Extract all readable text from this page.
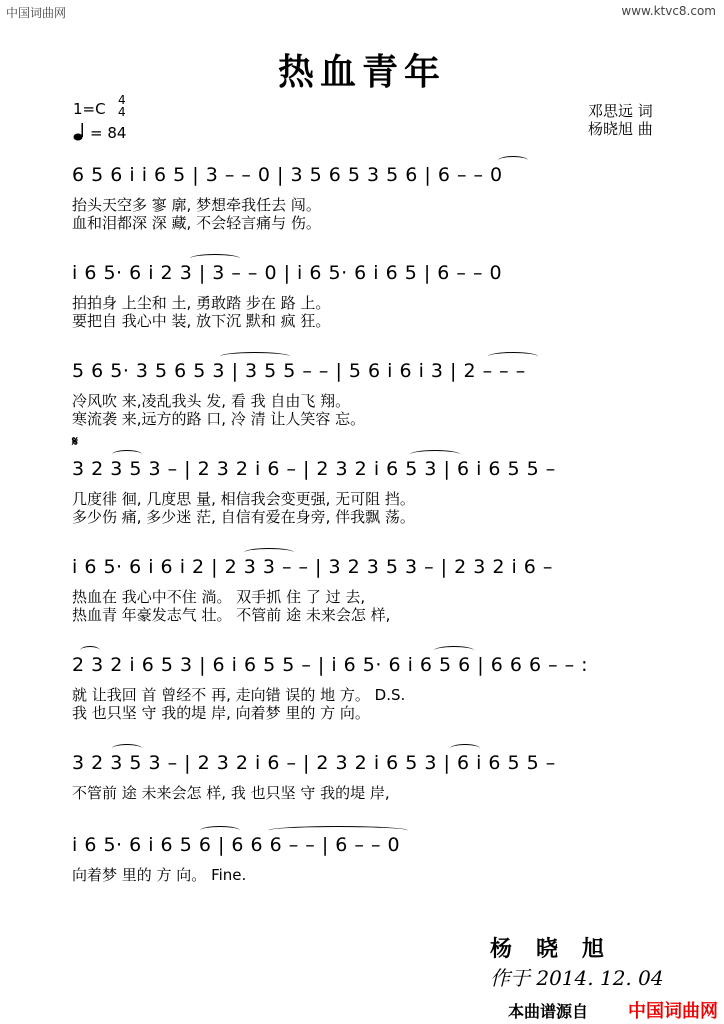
中国词曲网	www.ktvc8.com
热血青年
1=C 4
4
= 84
邓思远 词
杨晓旭 曲
6 5 6 i i 6 5 | 3 – – 0 | 3 5 6 5 3 5 6 | 6 – – 0
抬头天空多 寥 廓, 梦想牵我任去 闯。
血和泪都深 深 藏, 不会轻言痛与 伤。
i 6 5· 6 i 2 3 | 3 – – 0 | i 6 5· 6 i 6 5 | 6 – – 0
拍拍身 上尘和 土, 勇敢踏 步在 路 上。
要把自 我心中 装, 放下沉 默和 疯 狂。
5 6 5· 3 5 6 5 3 | 3 5 5 – – | 5 6 i 6 i 3 | 2 – – –
冷风吹 来,凌乱我头 发, 看 我 自由飞 翔。
寒流袭 来,远方的路 口, 冷 清 让人笑容 忘。
𝄋
3 2 3 5 3 – | 2 3 2 i 6 – | 2 3 2 i 6 5 3 | 6 i 6 5 5 –
几度徘 徊, 几度思 量, 相信我会变更强, 无可阻 挡。
多少伤 痛, 多少迷 茫, 自信有爱在身旁, 伴我飘 荡。
i 6 5· 6 i 6 i 2 | 2 3 3 – – | 3 2 3 5 3 – | 2 3 2 i 6 –
热血在 我心中不住 淌。 双手抓 住 了 过 去,
热血青 年豪发志气 壮。 不管前 途 未来会怎 样,
2 3 2 i 6 5 3 | 6 i 6 5 5 – | i 6 5· 6 i 6 5 6 | 6 6 6 – – :
就 让我回 首 曾经不 再, 走向错 误的 地 方。 D.S.
我 也只坚 守 我的堤 岸, 向着梦 里的 方 向。
3 2 3 5 3 – | 2 3 2 i 6 – | 2 3 2 i 6 5 3 | 6 i 6 5 5 –
不管前 途 未来会怎 样, 我 也只坚 守 我的堤 岸,
i 6 5· 6 i 6 5 6 | 6 6 6 – – | 6 – – 0
向着梦 里的 方 向。 Fine.
杨晓旭
作于 2014. 12. 04
本曲谱源自 中国词曲网
